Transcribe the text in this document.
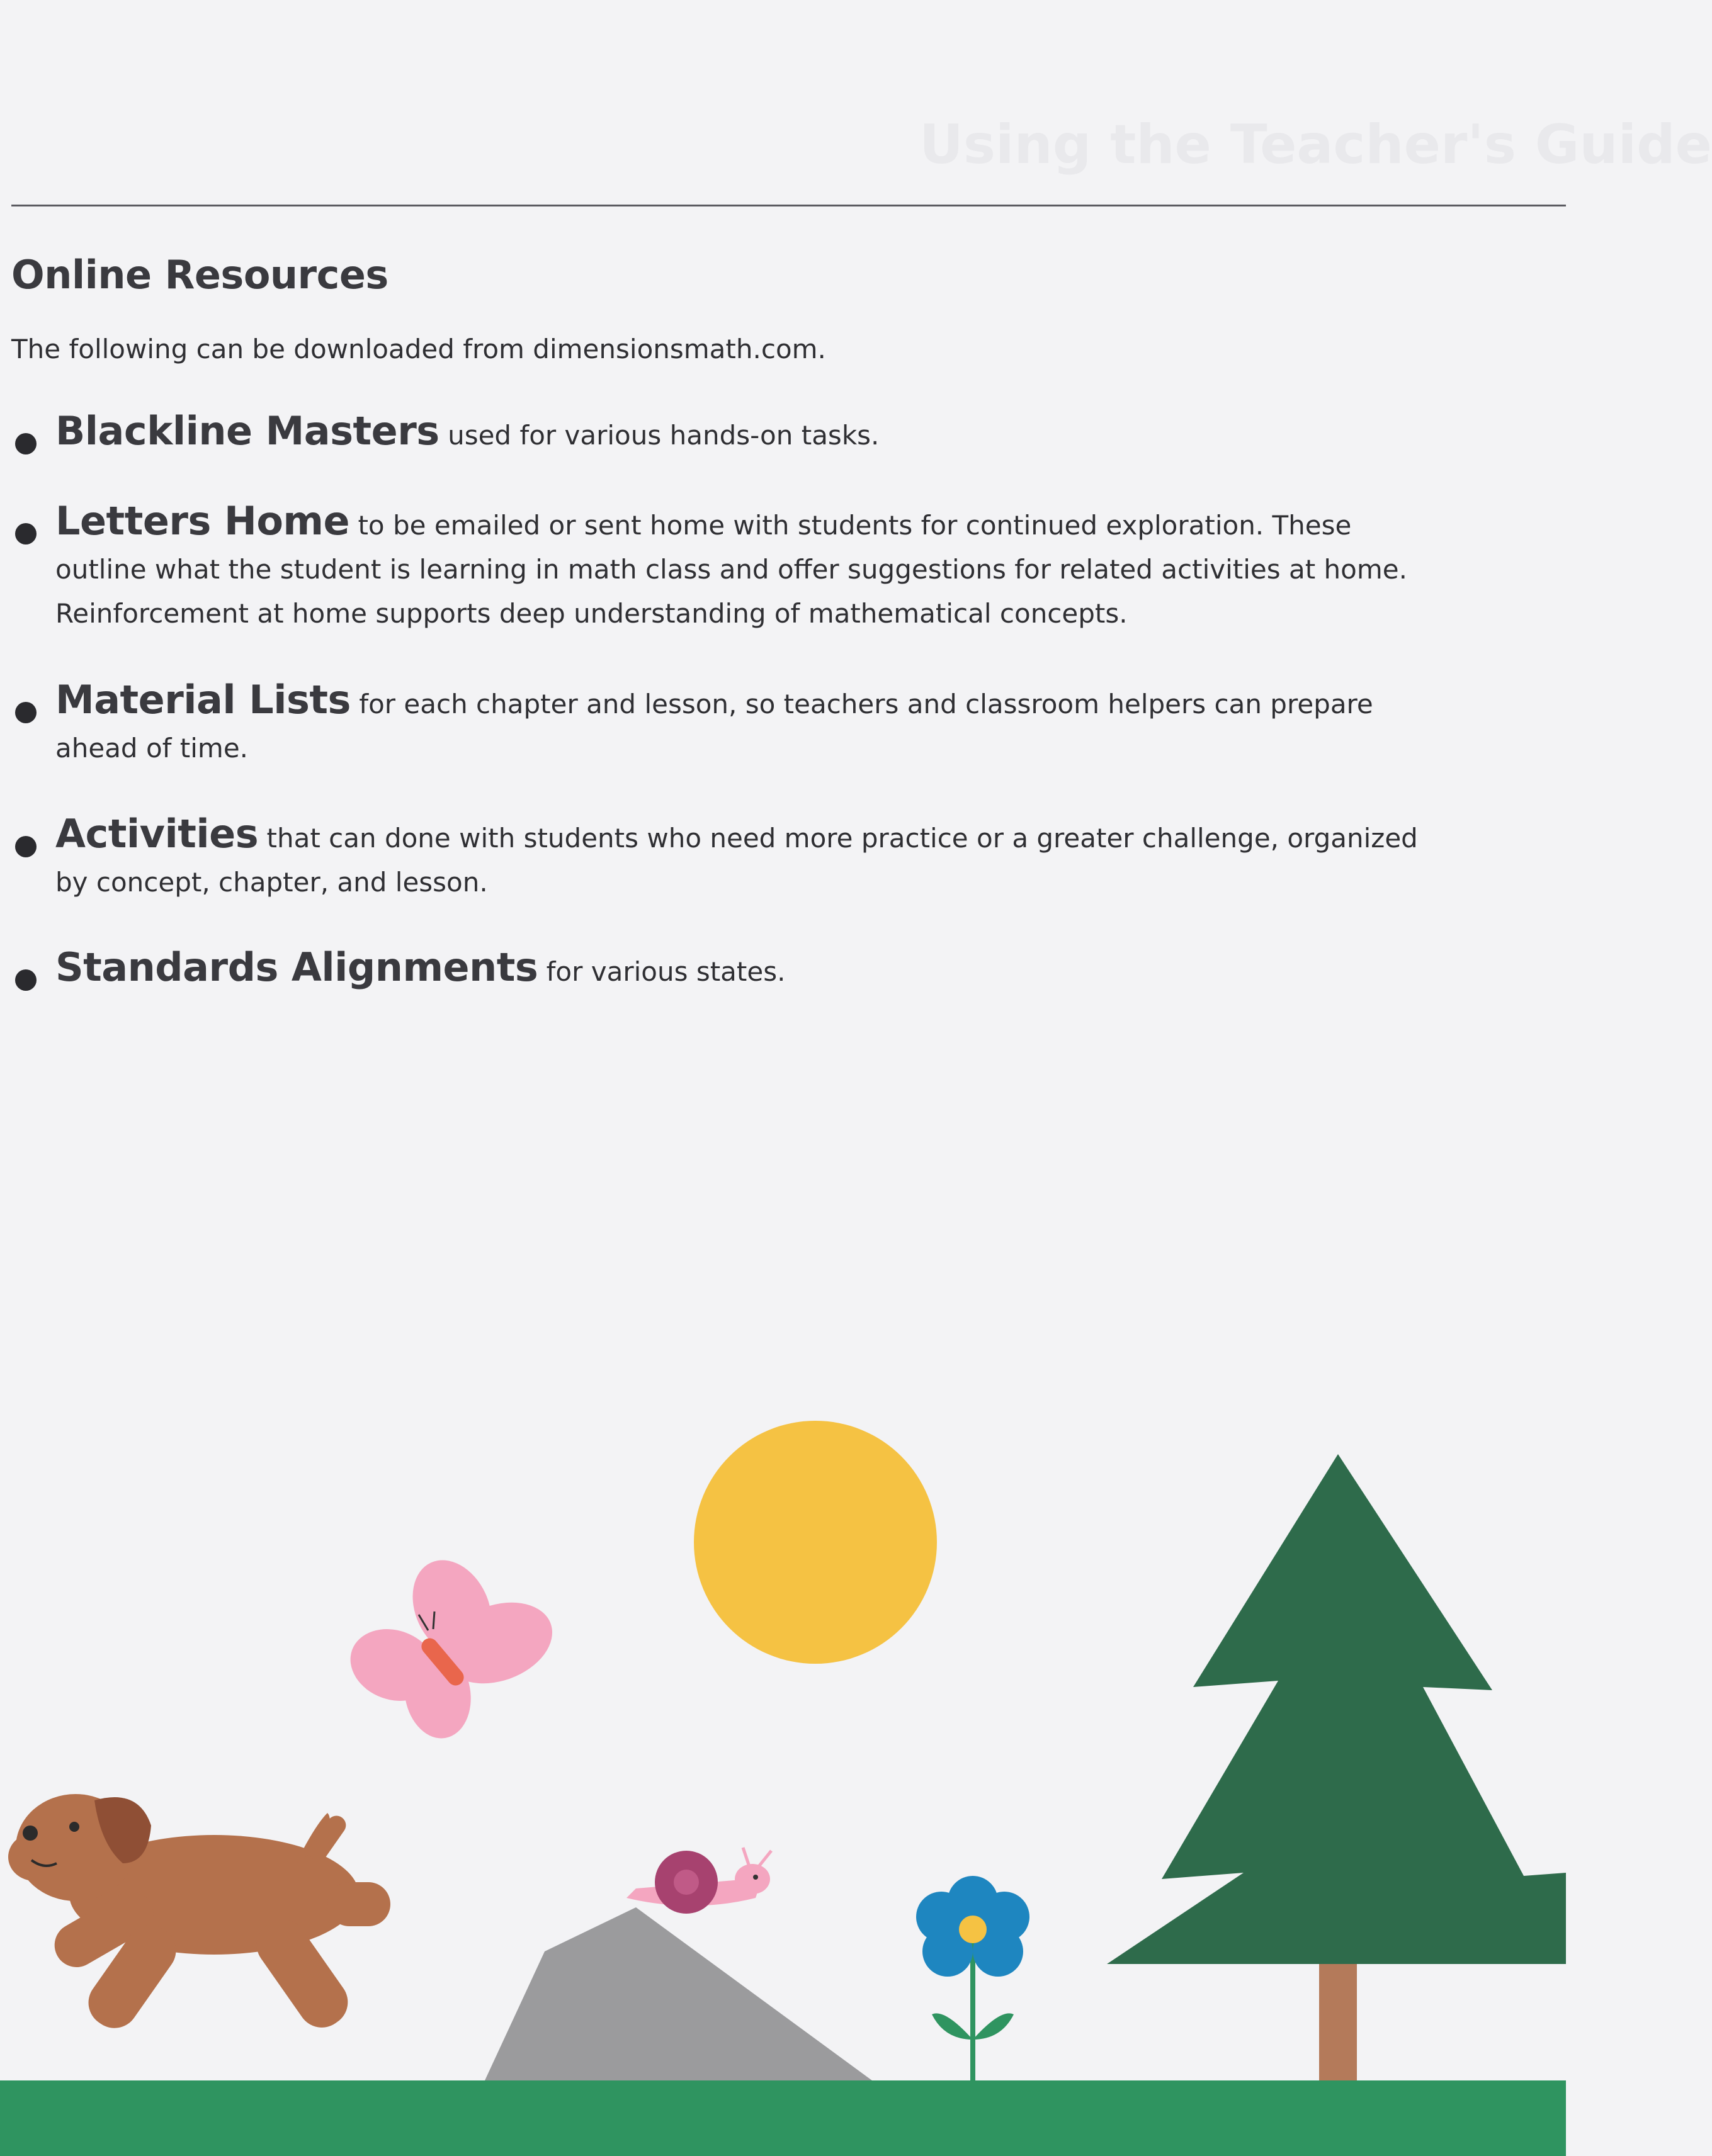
Using the Teacher's Guide
Online Resources
The following can be downloaded from dimensionsmath.com.
Blackline Masters used for various hands-on tasks.
Letters Home to be emailed or sent home with students for continued exploration. These outline what the student is learning in math class and offer suggestions for related activities at home. Reinforcement at home supports deep understanding of mathematical concepts.
Material Lists for each chapter and lesson, so teachers and classroom helpers can prepare ahead of time.
Activities that can done with students who need more practice or a greater challenge, organized by concept, chapter, and lesson.
Standards Alignments for various states.
